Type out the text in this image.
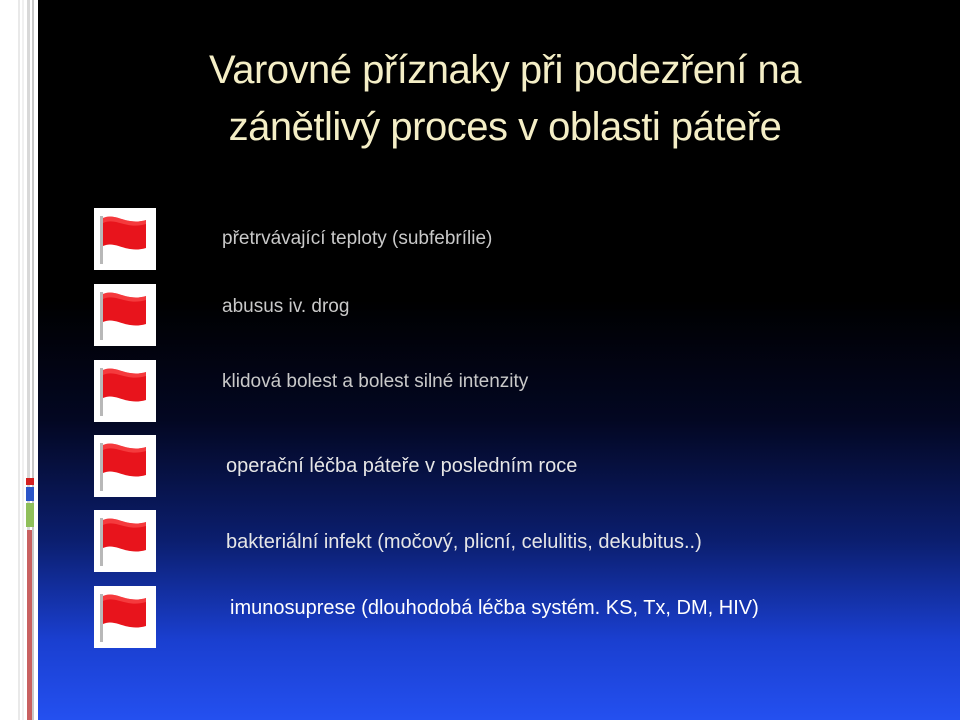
Varovné příznaky při podezření na
zánětlivý proces v oblasti páteře
přetrvávající teploty (subfebrílie)
abusus iv. drog
klidová bolest a bolest silné intenzity
operační léčba páteře v posledním roce
bakteriální infekt (močový, plicní, celulitis, dekubitus..)
imunosuprese (dlouhodobá léčba systém. KS, Tx, DM, HIV)
